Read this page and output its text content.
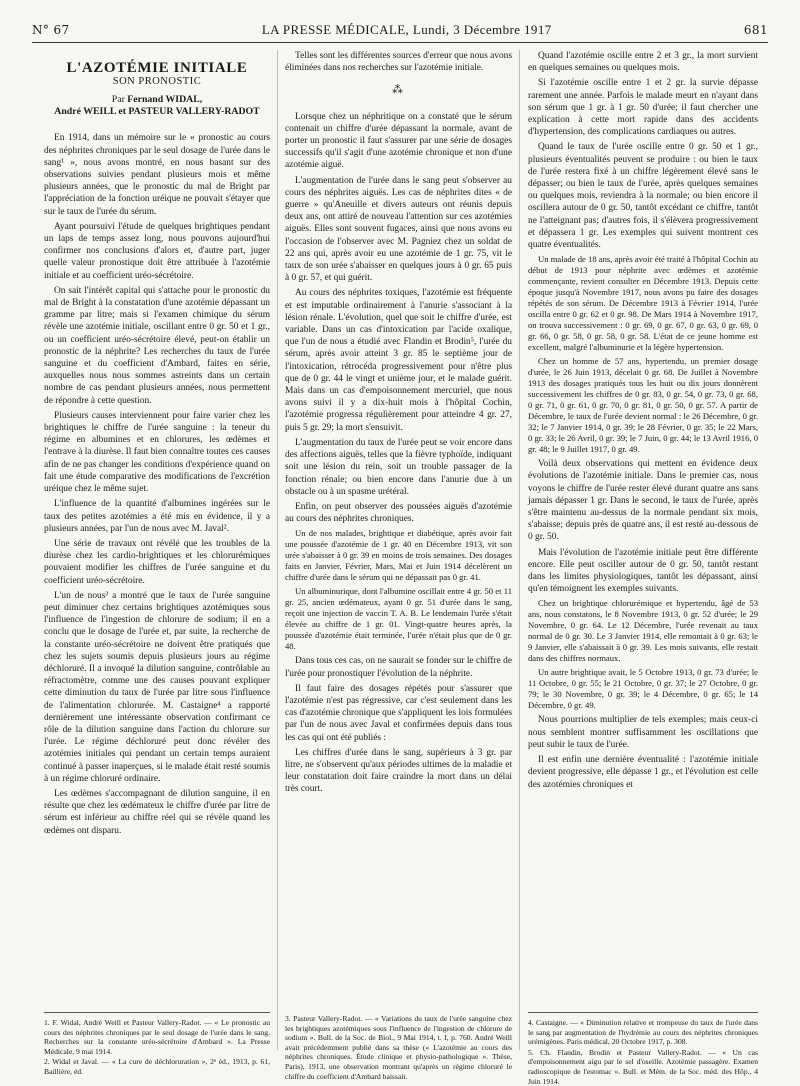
N° 67	LA PRESSE MÉDICALE, Lundi, 3 Décembre 1917	681
L'AZOTÉMIE INITIALE
SON PRONOSTIC
Par Fernand WIDAL,
André WEILL et PASTEUR VALLERY-RADOT

En 1914, dans un mémoire sur le « pronostic au cours des néphrites chroniques par le seul dosage de l'urée dans le sang¹ », nous avons montré, en nous basant sur des observations suivies pendant plusieurs mois et même plusieurs années, que le pronostic du mal de Bright par l'appréciation de la fonction uréique ne pouvait s'étayer que sur le taux de l'urée du sérum.

Ayant poursuivi l'étude de quelques brightiques pendant un laps de temps assez long, nous pouvons aujourd'hui confirmer nos conclusions d'alors et, d'autre part, juger quelle valeur pronostique doit être attribuée à l'azotémie initiale et au coefficient uréo-sécrétoire.

On sait l'intérêt capital qui s'attache pour le pronostic du mal de Bright à la constatation d'une azotémie dépassant un gramme par litre; mais si l'examen chimique du sérum révèle une azotémie initiale, oscillant entre 0 gr. 50 et 1 gr., ou un coefficient uréo-sécrétoire élevé, peut-on établir un pronostic de la néphrite? Les recherches du taux de l'urée sanguine et du coefficient d'Ambard, faites en série, auxquelles nous nous sommes astreints dans un certain nombre de cas pendant plusieurs années, nous permettent de répondre à cette question.

Plusieurs causes interviennent pour faire varier chez les brightiques le chiffre de l'urée sanguine : la teneur du régime en albumines et en chlorures, les œdèmes et l'entrave à la diurèse. Il faut bien connaître toutes ces causes afin de ne pas changer les conditions d'expérience quand on fait une étude comparative des modifications de l'excrétion uréique chez le même sujet.

L'influence de la quantité d'albumines ingérées sur le taux des petites azotémies a été mis en évidence, il y a plusieurs années, par l'un de nous avec M. Javal².

Une série de travaux ont révélé que les troubles de la diurèse chez les cardio-brightiques et les chlorurémiques pouvaient modifier les chiffres de l'urée sanguine et du coefficient uréo-sécrétoire.

L'un de nous³ a montré que le taux de l'urée sanguine peut diminuer chez certains brightiques azotémiques sous l'influence de l'ingestion de chlorure de sodium; il en a conclu que le dosage de l'urée et, par suite, la recherche de la constante uréo-sécrétoire ne doivent être pratiqués que chez les sujets soumis depuis plusieurs jours au régime déchloruré. Il a invoqué la dilution sanguine, contrôlable au réfractomètre, comme une des causes pouvant expliquer cette diminution du taux de l'urée par litre sous l'influence de l'alimentation chlorurée. M. Castaigne⁴ a rapporté dernièrement une intéressante observation confirmant ce rôle de la dilution sanguine dans l'action du chlorure sur l'urée. Le régime déchloruré peut donc révéler des azotémies initiales qui pendant un certain temps auraient continué à passer inaperçues, si le malade était resté soumis à un régime chloruré ordinaire.

Les œdèmes s'accompagnant de dilution sanguine, il en résulte que chez les œdémateux le chiffre d'urée par litre de sérum est inférieur au chiffre réel qui se révèle quand les œdèmes ont disparu.

Telles sont les différentes sources d'erreur que nous avons éliminées dans nos recherches sur l'azotémie initiale.

⁂

Lorsque chez un néphritique on a constaté que le sérum contenait un chiffre d'urée dépassant la normale, avant de porter un pronostic il faut s'assurer par une série de dosages successifs qu'il s'agit d'une azotémie chronique et non d'une azotémie aiguë.

L'augmentation de l'urée dans le sang peut s'observer au cours des néphrites aiguës. Les cas de néphrites dites « de guerre » qu'Aneuille et divers auteurs ont réunis depuis deux ans, ont attiré de nouveau l'attention sur ces azotémies aiguës. Elles sont souvent fugaces, ainsi que nous avons eu l'occasion de l'observer avec M. Pagniez chez un soldat de 22 ans qui, après avoir eu une azotémie de 1 gr. 75, vit le taux de son urée s'abaisser en quelques jours à 0 gr. 65 puis à 0 gr. 57, et qui guérit.

Au cours des néphrites toxiques, l'azotémie est fréquente et est imputable ordinairement à l'anurie s'associant à la lésion rénale. L'évolution, quel que soit le chiffre d'urée, est variable. Dans un cas d'intoxication par l'acide oxalique, que l'un de nous a étudié avec Flandin et Brodin⁵, l'urée du sérum, après avoir atteint 3 gr. 85 le septième jour de l'intoxication, rétrocéda progressivement pour n'être plus que de 0 gr. 44 le vingt et unième jour, et le malade guérit. Mais dans un cas d'empoisonnement mercuriel, que nous avons suivi il y a dix-huit mois à l'hôpital Cochin, l'azotémie progressa régulièrement pour atteindre 4 gr. 27, puis 5 gr. 29; la mort s'ensuivit.

L'augmentation du taux de l'urée peut se voir encore dans des affections aiguës, telles que la fièvre typhoïde, indiquant soit une lésion du rein, soit un trouble passager de la fonction rénale; ou bien encore dans l'anurie due à un obstacle ou à un spasme urétéral.

Enfin, on peut observer des poussées aiguës d'azotémie au cours des néphrites chroniques.

Un de nos malades, brightique et diabétique, après avoir fait une poussée d'azotémie de 1 gr. 40 en Décembre 1913, vit son urée s'abaisser à 0 gr. 39 en moins de trois semaines. Des dosages faits en Janvier, Février, Mars, Mai et Juin 1914 décelèrent un chiffre d'urée dans le sérum qui ne dépassait pas 0 gr. 41.

Un albuminurique, dont l'albumine oscillait entre 4 gr. 50 et 11 gr. 25, ancien œdémateux, ayant 0 gr. 51 d'urée dans le sang, reçoit une injection de vaccin T. A. B. Le lendemain l'urée s'était élevée au chiffre de 1 gr. 01. Vingt-quatre heures après, la poussée d'azotémie était terminée, l'urée n'était plus que de 0 gr. 48.

Dans tous ces cas, on ne saurait se fonder sur le chiffre de l'urée pour pronostiquer l'évolution de la néphrite.

Il faut faire des dosages répétés pour s'assurer que l'azotémie n'est pas régressive, car c'est seulement dans les cas d'azotémie chronique que s'appliquent les lois formulées par l'un de nous avec Javal et confirmées depuis dans tous les cas qui ont été publiés :

Les chiffres d'urée dans le sang, supérieurs à 3 gr. par litre, ne s'observent qu'aux périodes ultimes de la maladie et leur constatation doit faire craindre la mort dans un délai très court.

Quand l'azotémie oscille entre 2 et 3 gr., la mort survient en quelques semaines ou quelques mois.

Si l'azotémie oscille entre 1 et 2 gr. la survie dépasse rarement une année. Parfois le malade meurt en n'ayant dans son sérum que 1 gr. à 1 gr. 50 d'urée; il faut chercher une explication à cette mort rapide dans des accidents d'hypertension, des complications cardiaques ou autres.

Quand le taux de l'urée oscille entre 0 gr. 50 et 1 gr., plusieurs éventualités peuvent se produire : ou bien le taux de l'urée restera fixé à un chiffre légèrement élevé sans le dépasser; ou bien le taux de l'urée, après quelques semaines ou quelques mois, reviendra à la normale; ou bien encore il oscillera autour de 0 gr. 50, tantôt excédant ce chiffre, tantôt ne l'atteignant pas; d'autres fois, il s'élèvera progressivement et dépassera 1 gr. Les exemples qui suivent montrent ces quatre éventualités.

Un malade de 18 ans, après avoir été traité à l'hôpital Cochin au début de 1913 pour néphrite avec œdèmes et azotémie commençante, revient consulter en Décembre 1913. Depuis cette époque jusqu'à Novembre 1917, nous avons pu faire des dosages répétés de son sérum. De Décembre 1913 à Février 1914, l'urée oscilla entre 0 gr. 62 et 0 gr. 98. De Mars 1914 à Novembre 1917, on trouva successivement : 0 gr. 69, 0 gr. 67, 0 gr. 63, 0 gr. 69, 0 gr. 66, 0 gr. 58, 0 gr. 58, 0 gr. 58. L'état de ce jeune homme est excellent, malgré l'albuminurie et la légère hypertension.

Chez un homme de 57 ans, hypertendu, un premier dosage d'urée, le 26 Juin 1913, décelait 0 gr. 68. De Juillet à Novembre 1913 des dosages pratiqués tous les huit ou dix jours donnèrent successivement les chiffres de 0 gr. 83, 0 gr. 54, 0 gr. 73, 0 gr. 68, 0 gr. 71, 0 gr. 61, 0 gr. 70, 0 gr. 81, 0 gr. 50, 0 gr. 57. A partir de Décembre, le taux de l'urée devient normal : le 26 Décembre, 0 gr. 32; le 7 Janvier 1914, 0 gr. 39; le 28 Février, 0 gr. 35; le 22 Mars, 0 gr. 33; le 26 Avril, 0 gr. 39; le 7 Juin, 0 gr. 44; le 13 Avril 1916, 0 gr. 48; le 9 Juillet 1917, 0 gr. 49.

Voilà deux observations qui mettent en évidence deux évolutions de l'azotémie initiale. Dans le premier cas, nous voyons le chiffre de l'urée rester élevé durant quatre ans sans jamais dépasser 1 gr. Dans le second, le taux de l'urée, après s'être maintenu au-dessus de la normale pendant six mois, s'abaisse; depuis près de quatre ans, il est resté au-dessous de 0 gr. 50.

Mais l'évolution de l'azotémie initiale peut être différente encore. Elle peut osciller autour de 0 gr. 50, tantôt restant dans les limites physiologiques, tantôt les dépassant, ainsi qu'en témoignent les exemples suivants.

Chez un brightique chlorurémique et hypertendu, âgé de 53 ans, nous constatons, le 8 Novembre 1913, 0 gr. 52 d'urée; le 29 Novembre, 0 gr. 64. Le 12 Décembre, l'urée revenait au taux normal de 0 gr. 30. Le 3 Janvier 1914, elle remontait à 0 gr. 63; le 9 Janvier, elle s'abaissait à 0 gr. 39. Les mois suivants, elle restait dans des chiffres normaux.

Un autre brightique avait, le 5 Octobre 1913, 0 gr. 73 d'urée; le 11 Octobre, 0 gr. 55; le 21 Octobre, 0 gr. 37; le 27 Octobre, 0 gr. 79; le 30 Novembre, 0 gr. 39; le 4 Décembre, 0 gr. 65; le 14 Décembre, 0 gr. 49.

Nous pourrions multiplier de tels exemples; mais ceux-ci nous semblent montrer suffisamment les oscillations que peut subir le taux de l'urée.

Il est enfin une dernière éventualité : l'azotémie initiale devient progressive, elle dépasse 1 gr., et l'évolution est celle des azotémies chroniques et

1. F. Widal, André Weill et Pasteur Vallery-Radot. — « Le pronostic au cours des néphrites chroniques par le seul dosage de l'urée dans le sang. Recherches sur la constante uréo-sécrétoire d'Ambard ». La Presse Médicale, 9 mai 1914.

2. Widal et Javal. — « La cure de déchloruration », 2ᵉ éd., 1913, p. 61, Baillière, éd.

3. Pasteur Vallery-Radot. — « Variations du taux de l'urée sanguine chez les brightiques azotémiques sous l'influence de l'ingestion de chlorure de sodium ». Bull. de la Soc. de Biol., 9 Mai 1914, t. I, p. 760. André Weill avait précédemment publié dans sa thèse (« L'azotémie au cours des néphrites chroniques. Étude clinique et physio-pathologique ». Thèse, Paris), 1913, une observation montrant qu'après un régime chloruré le chiffre du coefficient d'Ambard baissait.

4. Castaigne. — « Diminution relative et trompeuse du taux de l'urée dans le sang par augmentation de l'hydrémie au cours des néphrites chroniques urémigènes. Paris médical, 20 Octobre 1917, p. 308.

5. Ch. Flandin, Brodin et Pasteur Vallery-Radot. — « Un cas d'empoisonnement aigu par le sel d'oseille. Azotémie passagère. Examen radioscopique de l'estomac ». Bull. et Mém. de la Soc. méd. des Hôp., 4 Juin 1914.
